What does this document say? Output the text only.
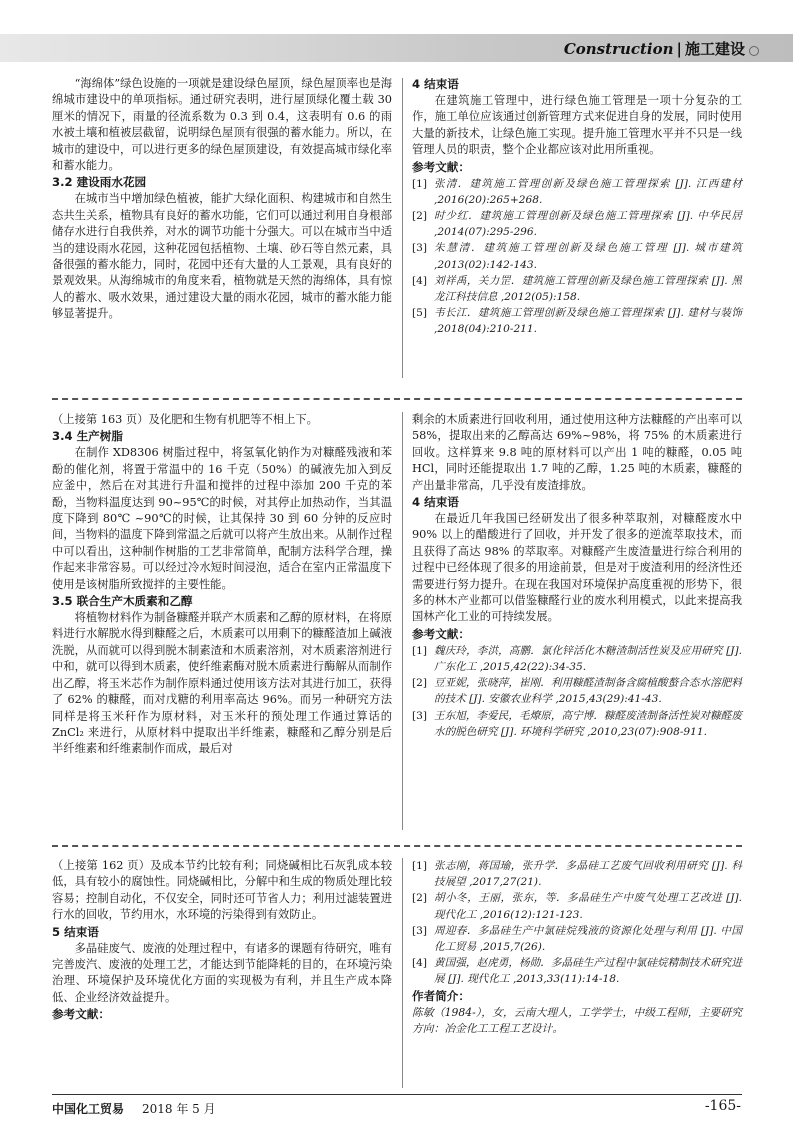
Construction | 施工建设

“海绵体”绿色设施的一项就是建设绿色屋顶，绿色屋顶率也是海绵城市建设中的单项指标。通过研究表明，进行屋顶绿化覆土载 30 厘米的情况下，雨量的径流系数为 0.3 到 0.4，这表明有 0.6 的雨水被土壤和植被层截留，说明绿色屋顶有很强的蓄水能力。所以，在城市的建设中，可以进行更多的绿色屋顶建设，有效提高城市绿化率和蓄水能力。

3.2 建设雨水花园

在城市当中增加绿色植被，能扩大绿化面积、构建城市和自然生态共生关系，植物具有良好的蓄水功能，它们可以通过利用自身根部储存水进行自我供养，对水的调节功能十分强大。可以在城市当中适当的建设雨水花园，这种花园包括植物、土壤、砂石等自然元素，具备很强的蓄水能力，同时，花园中还有大量的人工景观，具有良好的景观效果。从海绵城市的角度来看，植物就是天然的海绵体，具有惊人的蓄水、吸水效果，通过建设大量的雨水花园，城市的蓄水能力能够显著提升。

4 结束语

在建筑施工管理中，进行绿色施工管理是一项十分复杂的工作，施工单位应该通过创新管理方式来促进自身的发展，同时使用大量的新技术，让绿色施工实现。提升施工管理水平并不只是一线管理人员的职责，整个企业都应该对此用所重视。

参考文献：
[1] 张清．建筑施工管理创新及绿色施工管理探索 [J]. 江西建材 ,2016(20):265+268.
[2] 时少红．建筑施工管理创新及绿色施工管理探索 [J]. 中华民居 ,2014(07):295-296.
[3] 朱慧清．建筑施工管理创新及绿色施工管理 [J]. 城市建筑 ,2013(02):142-143.
[4] 刘祥禹，关力罡．建筑施工管理创新及绿色施工管理探索 [J]. 黑龙江科技信息 ,2012(05):158.
[5] 韦长江．建筑施工管理创新及绿色施工管理探索 [J]. 建材与装饰 ,2018(04):210-211.

（上接第 163 页）及化肥和生物有机肥等不相上下。

3.4 生产树脂

在制作 XD8306 树脂过程中，将氢氧化钠作为对糠醛残液和苯酚的催化剂，将置于常温中的 16 千克（50%）的碱液先加入到反应釜中，然后在对其进行升温和搅拌的过程中添加 200 千克的苯酚，当物料温度达到 90~95℃的时候，对其停止加热动作，当其温度下降到 80℃ ~90℃的时候，让其保持 30 到 60 分钟的反应时间，当物料的温度下降到常温之后就可以将产生放出来。从制作过程中可以看出，这种制作树脂的工艺非常简单，配制方法科学合理，操作起来非常容易。可以经过冷水短时间浸泡，适合在室内正常温度下使用是该树脂所致搅拌的主要性能。

3.5 联合生产木质素和乙醇

将植物材料作为制备糠醛并联产木质素和乙醇的原材料，在将原料进行水解脱水得到糠醛之后，木质素可以用剩下的糠醛渣加上碱液洗脱，从而就可以得到脱木制素渣和木质素溶剂，对木质素溶剂进行中和，就可以得到木质素，使纤维素酶对脱木质素进行酶解从而制作出乙醇，将玉米芯作为制作原料通过使用该方法对其进行加工，获得了 62% 的糠醛，而对戊糖的利用率高达 96%。而另一种研究方法同样是将玉米秆作为原材料，对玉米秆的预处理工作通过算话的 ZnCl₂ 来进行，从原材料中提取出半纤维素，糠醛和乙醇分别是后半纤维素和纤维素制作而成，最后对

剩余的木质素进行回收利用，通过使用这种方法糠醛的产出率可以 58%，提取出来的乙醇高达 69%~98%，将 75% 的木质素进行回收。这样算来 9.8 吨的原材料可以产出 1 吨的糠醛，0.05 吨 HCl，同时还能提取出 1.7 吨的乙醇，1.25 吨的木质素，糠醛的产出量非常高，几乎没有废渣排放。

4 结束语

在最近几年我国已经研发出了很多种萃取剂，对糠醛废水中 90% 以上的醋酸进行了回收，并开发了很多的逆流萃取技术，而且获得了高达 98% 的萃取率。对糠醛产生废渣量进行综合利用的过程中已经体现了很多的用途前景，但是对于废渣利用的经济性还需要进行努力提升。在现在我国对环境保护高度重视的形势下，很多的林木产业都可以借鉴糠醛行业的废水利用模式，以此来提高我国林产化工业的可持续发展。

参考文献：
[1] 魏庆玲，李洪，高鹏．氯化锌活化木糖渣制活性炭及应用研究 [J]. 广东化工 ,2015,42(22):34-35.
[2] 豆亚妮，张晓萍，崔刚．利用糠醛渣制备含腐植酸螯合态水溶肥料的技术 [J]. 安徽农业科学 ,2015,43(29):41-43.
[3] 王东旭，李爱民，毛燎原，高宁博．糠醛废渣制备活性炭对糠醛废水的脱色研究 [J]. 环境科学研究 ,2010,23(07):908-911.

（上接第 162 页）及成本节约比较有利；同烧碱相比石灰乳成本较低，具有较小的腐蚀性。同烧碱相比，分解中和生成的物质处理比较容易；控制自动化，不仅安全，同时还可节省人力；利用过滤装置进行水的回收，节约用水，水环境的污染得到有效防止。

5 结束语

多晶硅废气、废液的处理过程中，有诸多的课题有待研究，唯有完善废汽、废液的处理工艺，才能达到节能降耗的目的，在环境污染治理、环境保护及环境优化方面的实现极为有利，并且生产成本降低、企业经济效益提升。

参考文献：
[1] 张志刚，蒋国瑜，张升学．多晶硅工艺废气回收利用研究 [J]. 科技展望 ,2017,27(21).
[2] 胡小冬，王丽，张东，等．多晶硅生产中废气处理工艺改进 [J]. 现代化工 ,2016(12):121-123.
[3] 周迎春．多晶硅生产中氯硅烷残液的资源化处理与利用 [J]. 中国化工贸易 ,2015,7(26).
[4] 黄国强，赵虎勇，杨勋．多晶硅生产过程中氯硅烷精制技术研究进展 [J]. 现代化工 ,2013,33(11):14-18.
作者简介：

陈敏（1984-），女，云南大理人，工学学士，中级工程师，主要研究方向：冶金化工工程工艺设计。

中国化工贸易 2018 年 5 月	-165-
